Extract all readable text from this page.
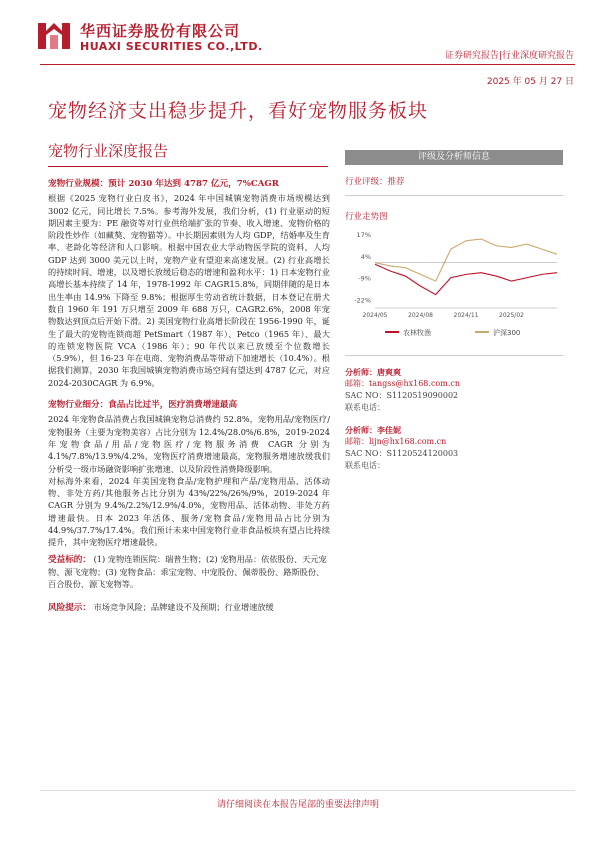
华西证券股份有限公司
HUAXI SECURITIES CO.,LTD.
证券研究报告|行业深度研究报告
2025 年 05 月 27 日
宠物经济支出稳步提升，看好宠物服务板块
宠物行业深度报告
宠物行业规模：预计 2030 年达到 4787 亿元，7%CAGR
根据《2025 宠物行业白皮书》，2024 年中国城镇宠物消费市场规模达到 3002 亿元，同比增长 7.5%。参考海外发展，我们分析，(1) 行业驱动的短期因素主要为：PE 融资等对行业供给端扩张的节奏、收入增速、宠物价格的阶段性炒作（如藏獒、宠物猫等）。中长期因素则为人均 GDP，结婚率及生育率、老龄化等经济和人口影响。根据中国农业大学动物医学院的资料，人均 GDP 达到 3000 美元以上时，宠物产业有望迎来高速发展。(2) 行业高增长的持续时间、增速，以及增长放缓后稳态的增速和盈利水平：1) 日本宠物行业高增长基本持续了 14 年，1978-1992 年 CAGR15.8%，同期伴随的是日本出生率由 14.9% 下降至 9.8%；根据厚生劳动省统计数据，日本登记在册犬数自 1960 年 191 万只增至 2009 年 688 万只，CAGR2.6%，2008 年宠物数达到顶点后开始下滑。2) 美国宠物行业高增长阶段在 1956-1990 年，诞生了最大的宠物连锁商超 PetSmart（1987 年）、Petco（1965 年）、最大的连锁宠物医院 VCA（1986 年）；90 年代以来已放缓至个位数增长（5.9%），但 16-23 年在电商、宠物消费品等带动下加速增长（10.4%）。根据我们测算，2030 年我国城镇宠物消费市场空间有望达到 4787 亿元，对应 2024-2030CAGR 为 6.9%。
宠物行业细分：食品占比过半，医疗消费增速最高
2024 年宠物食品消费占我国城镇宠物总消费约 52.8%，宠物用品/宠物医疗/宠物服务（主要为宠物美容）占比分别为 12.4%/28.0%/6.8%，2019-2024 年宠物食品/用品/宠物医疗/宠物服务消费 CAGR 分别为 4.1%/7.8%/13.9%/4.2%，宠物医疗消费增速最高，宠物服务增速放缓我们分析受一级市场融资影响扩张增速、以及阶段性消费降级影响。
对标海外来看，2024 年美国宠物食品/宠物护理和产品/宠物用品、活体动物、非处方药/其他服务占比分别为 43%/22%/26%/9%，2019-2024 年 CAGR 分别为 9.4%/2.2%/12.9%/4.0%，宠物用品、活体动物、非处方药增速最快。日本 2023 年活体、服务/宠物食品/宠物用品占比分别为 44.9%/37.7%/17.4%。我们预计未来中国宠物行业非食品板块有望占比持续提升，其中宠物医疗增速最快。
受益标的： (1) 宠物连锁医院：瑞普生物；(2) 宠物用品：依依股份、天元宠物、源飞宠物；(3) 宠物食品：乖宝宠物、中宠股份、佩蒂股份、路斯股份、百合股份、源飞宠物等。
风险提示： 市场竞争风险；品牌建设不及预期；行业增速放缓
评级及分析师信息
行业评级：推荐
行业走势图
17%
4%
-9%
-22%
2024/05	2024/08	2024/11	2025/02
农林牧渔	沪深300
分析师：唐爽爽
邮箱：tangss@hx168.com.cn
SAC NO：S1120519090002
联系电话：
分析师：李佳妮
邮箱：lijn@hx168.com.cn
SAC NO：S1120524120003
联系电话：
请仔细阅读在本报告尾部的重要法律声明
